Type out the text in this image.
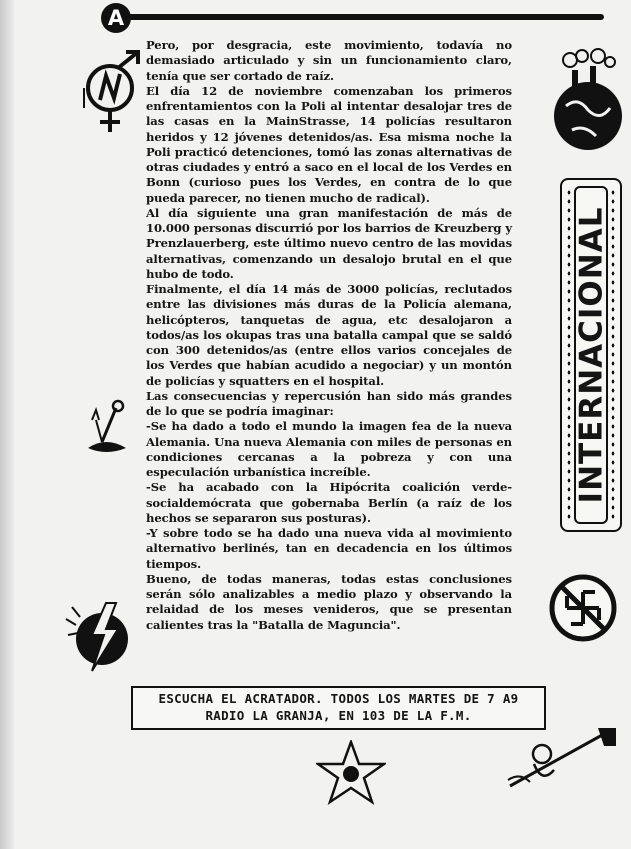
A
INTERNACIONAL

Pero, por desgracia, este movimiento, todavía no demasiado articulado y sin un funcionamiento claro, tenía que ser cortado de raíz.

El día 12 de noviembre comenzaban los primeros enfrentamientos con la Poli al intentar desalojar tres de las casas en la MainStrasse, 14 policías resultaron heridos y 12 jóvenes detenidos/as. Esa misma noche la Poli practicó detenciones, tomó las zonas alternativas de otras ciudades y entró a saco en el local de los Verdes en Bonn (curioso pues los Verdes, en contra de lo que pueda parecer, no tienen mucho de radical).

Al día siguiente una gran manifestación de más de 10.000 personas discurrió por los barrios de Kreuzberg y Prenzlauerberg, este último nuevo centro de las movidas alternativas, comenzando un desalojo brutal en el que hubo de todo.

Finalmente, el día 14 más de 3000 policías, reclutados entre las divisiones más duras de la Policía alemana, helicópteros, tanquetas de agua, etc desalojaron a todos/as los okupas tras una batalla campal que se saldó con 300 detenidos/as (entre ellos varios concejales de los Verdes que habían acudido a negociar) y un montón de policías y squatters en el hospital.

Las consecuencias y repercusión han sido más grandes de lo que se podría imaginar:

-Se ha dado a todo el mundo la imagen fea de la nueva Alemania. Una nueva Alemania con miles de personas en condiciones cercanas a la pobreza y con una especulación urbanística increíble.

-Se ha acabado con la Hipócrita coalición verde-socialdemócrata que gobernaba Berlín (a raíz de los hechos se separaron sus posturas).

-Y sobre todo se ha dado una nueva vida al movimiento alternativo berlinés, tan en decadencia en los últimos tiempos.

Bueno, de todas maneras, todas estas conclusiones serán sólo analizables a medio plazo y observando la relaidad de los meses venideros, que se presentan calientes tras la "Batalla de Maguncia".

ESCUCHA EL ACRATADOR. TODOS LOS MARTES DE 7 A9
RADIO LA GRANJA, EN 103 DE LA F.M.
